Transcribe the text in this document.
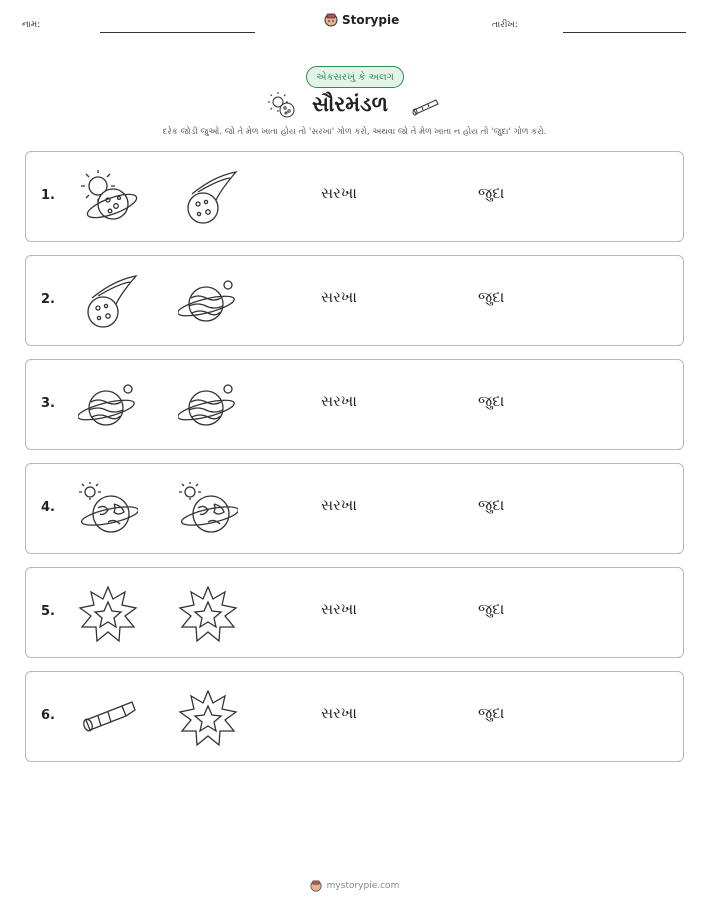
નામ:	Storypie	તારીખ:
એકસરખું કે અલગ
સૌરમંડળ
દરેક જોડી જુઓ. જો તે મેળ ખાતા હોય તો 'સરખા' ગોળ કરો, અથવા જો તે મેળ ખાતા ન હોય તો 'જુદા' ગોળ કરો.
1.	સરખા	જુદા
2.	સરખા	જુદા
3.	સરખા	જુદા
4.	સરખા	જુદા
5.	સરખા	જુદા
6.	સરખા	જુદા
mystorypie.com
